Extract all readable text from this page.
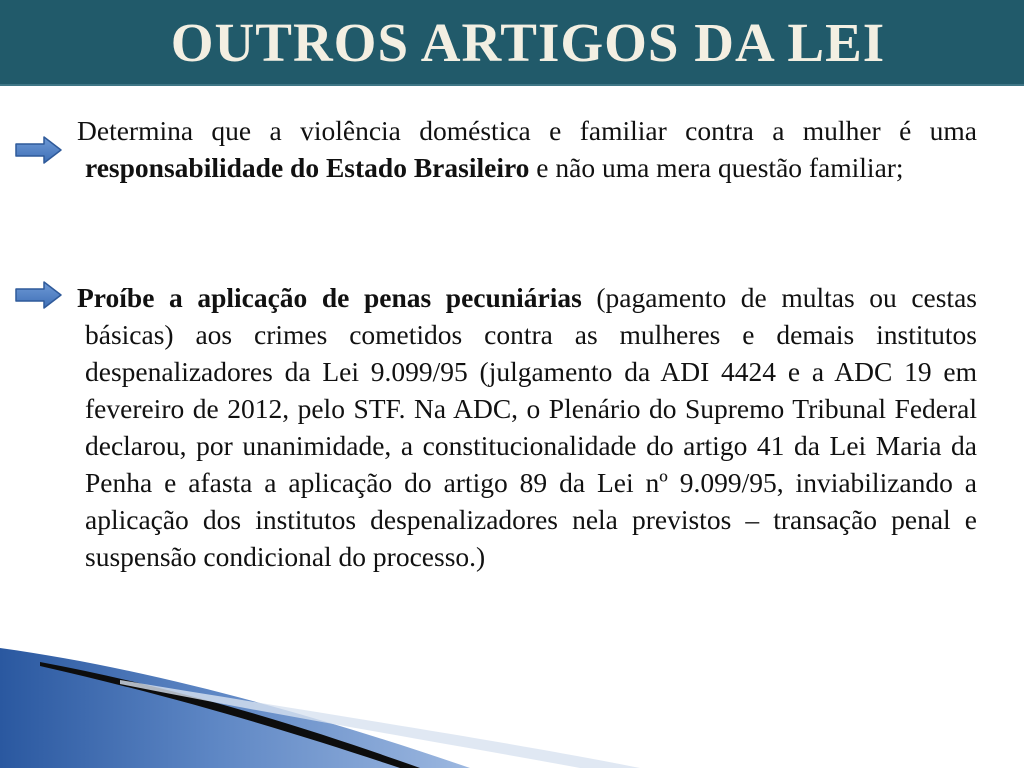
OUTROS ARTIGOS DA LEI
Determina que a violência doméstica e familiar contra a mulher é uma responsabilidade do Estado Brasileiro e não uma mera questão familiar;
Proíbe a aplicação de penas pecuniárias (pagamento de multas ou cestas básicas) aos crimes cometidos contra as mulheres e demais institutos despenalizadores da Lei 9.099/95 (julgamento da ADI 4424 e a ADC 19 em fevereiro de 2012, pelo STF. Na ADC, o Plenário do Supremo Tribunal Federal declarou, por unanimidade, a constitucionalidade do artigo 41 da Lei Maria da Penha e afasta a aplicação do artigo 89 da Lei nº 9.099/95, inviabilizando a aplicação dos institutos despenalizadores nela previstos – transação penal e suspensão condicional do processo.)
